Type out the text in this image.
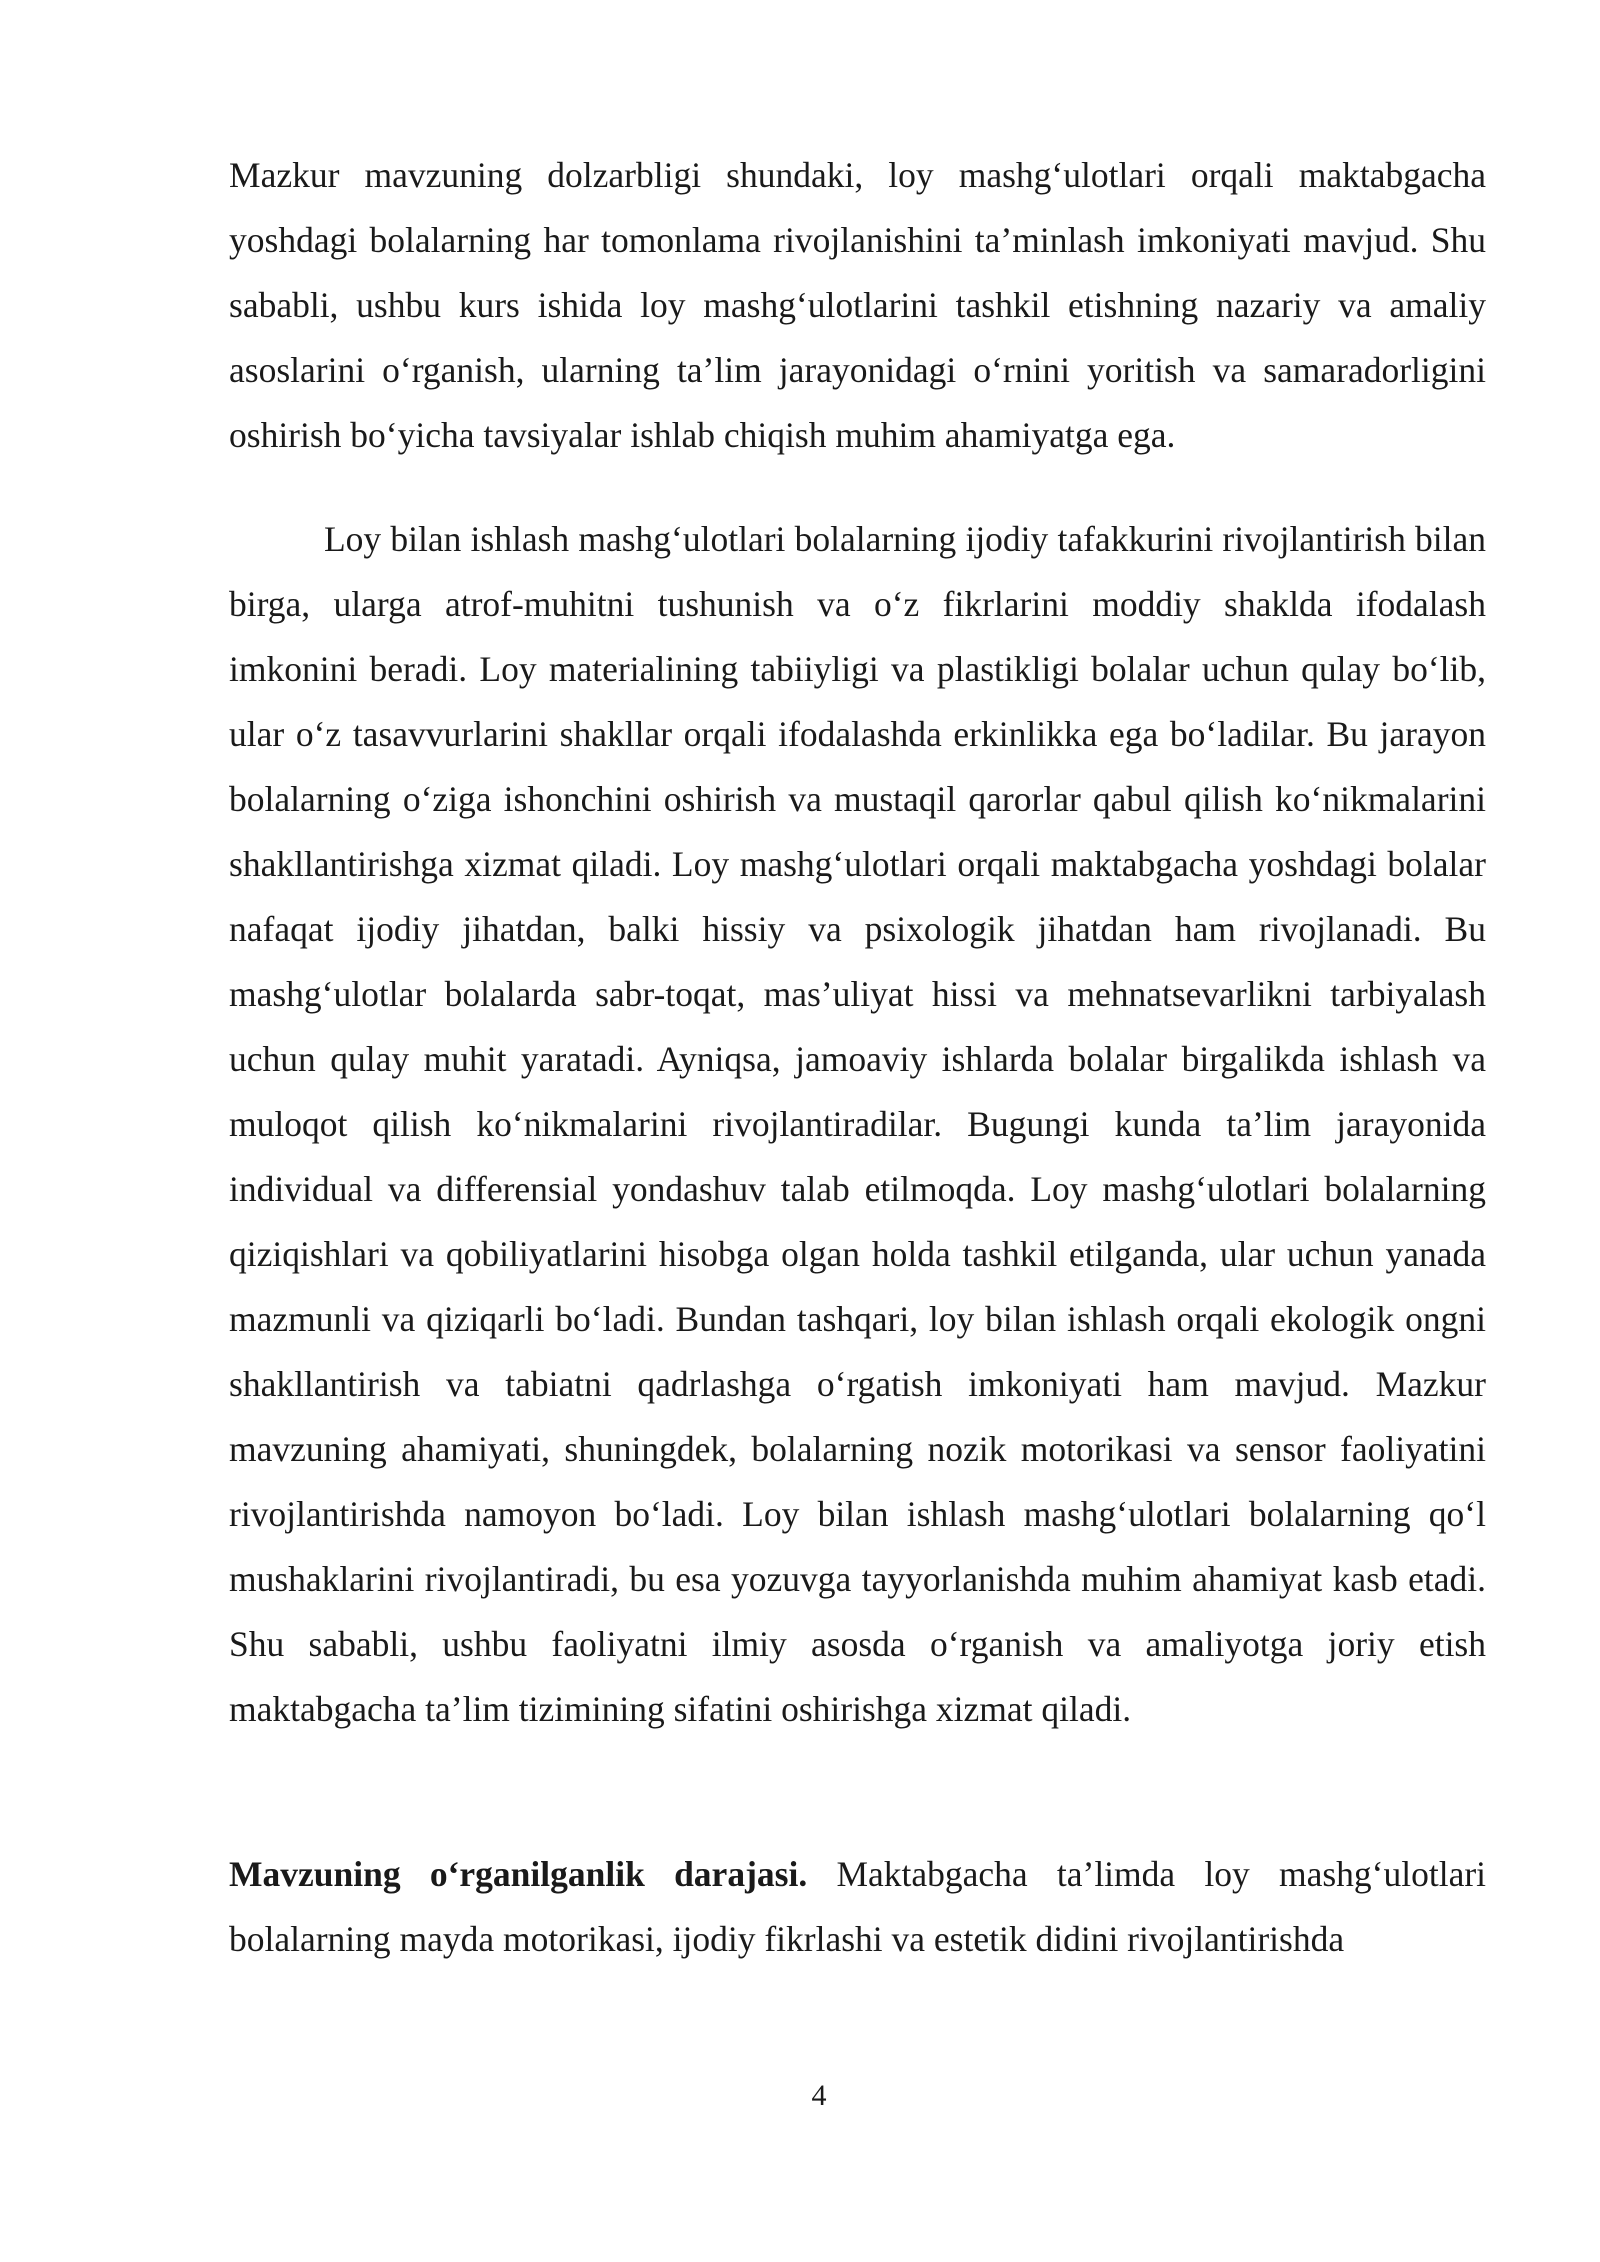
Mazkur mavzuning dolzarbligi shundaki, loy mashg‘ulotlari orqali maktabgacha yoshdagi bolalarning har tomonlama rivojlanishini ta’minlash imkoniyati mavjud. Shu sababli, ushbu kurs ishida loy mashg‘ulotlarini tashkil etishning nazariy va amaliy asoslarini o‘rganish, ularning ta’lim jarayonidagi o‘rnini yoritish va samaradorligini oshirish bo‘yicha tavsiyalar ishlab chiqish muhim ahamiyatga ega.

Loy bilan ishlash mashg‘ulotlari bolalarning ijodiy tafakkurini rivojlantirish bilan birga, ularga atrof-muhitni tushunish va o‘z fikrlarini moddiy shaklda ifodalash imkonini beradi. Loy materialining tabiiyligi va plastikligi bolalar uchun qulay bo‘lib, ular o‘z tasavvurlarini shakllar orqali ifodalashda erkinlikka ega bo‘ladilar. Bu jarayon bolalarning o‘ziga ishonchini oshirish va mustaqil qarorlar qabul qilish ko‘nikmalarini shakllantirishga xizmat qiladi. Loy mashg‘ulotlari orqali maktabgacha yoshdagi bolalar nafaqat ijodiy jihatdan, balki hissiy va psixologik jihatdan ham rivojlanadi. Bu mashg‘ulotlar bolalarda sabr-toqat, mas’uliyat hissi va mehnatsevarlikni tarbiyalash uchun qulay muhit yaratadi. Ayniqsa, jamoaviy ishlarda bolalar birgalikda ishlash va muloqot qilish ko‘nikmalarini rivojlantiradilar. Bugungi kunda ta’lim jarayonida individual va differensial yondashuv talab etilmoqda. Loy mashg‘ulotlari bolalarning qiziqishlari va qobiliyatlarini hisobga olgan holda tashkil etilganda, ular uchun yanada mazmunli va qiziqarli bo‘ladi. Bundan tashqari, loy bilan ishlash orqali ekologik ongni shakllantirish va tabiatni qadrlashga o‘rgatish imkoniyati ham mavjud. Mazkur mavzuning ahamiyati, shuningdek, bolalarning nozik motorikasi va sensor faoliyatini rivojlantirishda namoyon bo‘ladi. Loy bilan ishlash mashg‘ulotlari bolalarning qo‘l mushaklarini rivojlantiradi, bu esa yozuvga tayyorlanishda muhim ahamiyat kasb etadi. Shu sababli, ushbu faoliyatni ilmiy asosda o‘rganish va amaliyotga joriy etish maktabgacha ta’lim tizimining sifatini oshirishga xizmat qiladi.

Mavzuning o‘rganilganlik darajasi. Maktabgacha ta’limda loy mashg‘ulotlari bolalarning mayda motorikasi, ijodiy fikrlashi va estetik didini rivojlantirishda

4
